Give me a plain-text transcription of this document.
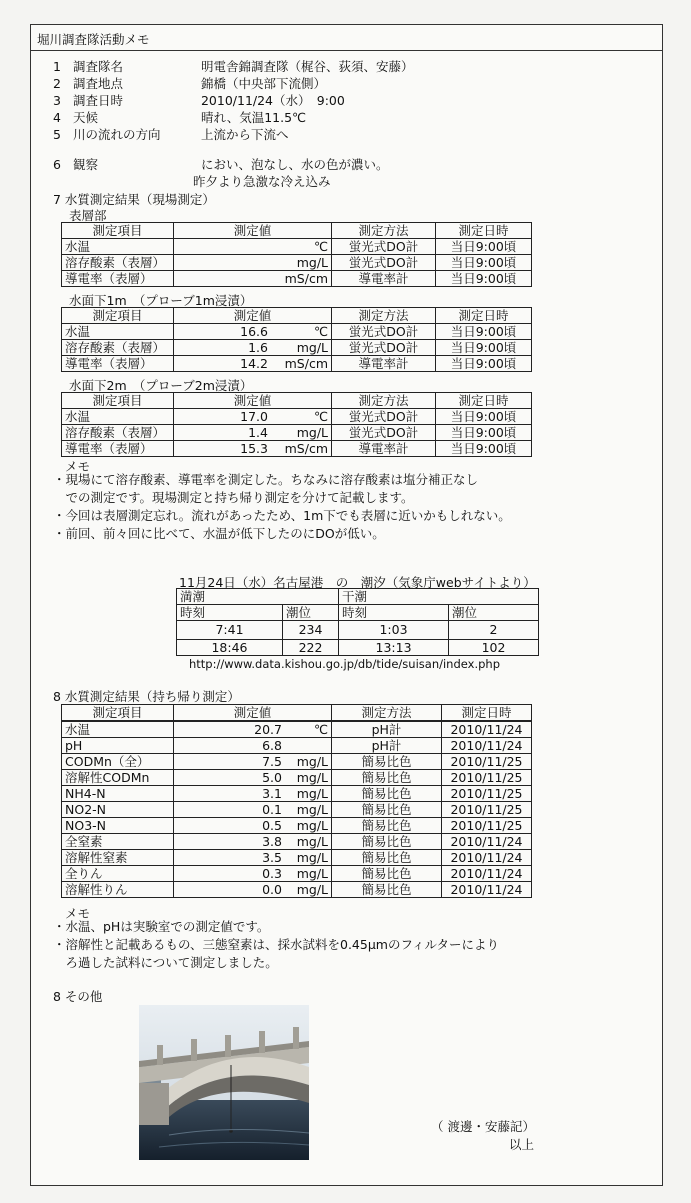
堀川調査隊活動メモ
1 調査隊名	明電舎錦調査隊（梶谷、荻須、安藤）
2 調査地点	錦橋（中央部下流側）
3 調査日時	2010/11/24（水）　9:00
4 天候	晴れ、気温11.5℃
5 川の流れの方向	上流から下流へ
6 観察	におい、泡なし、水の色が濃い。
昨夕より急激な冷え込み
7 水質測定結果（現場測定）
表層部
測定項目	測定値	測定方法	測定日時
水温	℃	蛍光式DO計	当日9:00頃
溶存酸素（表層）	mg/L	蛍光式DO計	当日9:00頃
導電率（表層）	mS/cm	導電率計	当日9:00頃
水面下1m　（プローブ1m浸漬）
測定項目	測定値	測定方法	測定日時
水温	16.6 ℃	蛍光式DO計	当日9:00頃
溶存酸素（表層）	1.6 mg/L	蛍光式DO計	当日9:00頃
導電率（表層）	14.2 mS/cm	導電率計	当日9:00頃
水面下2m　（プローブ2m浸漬）
測定項目	測定値	測定方法	測定日時
水温	17.0 ℃	蛍光式DO計	当日9:00頃
溶存酸素（表層）	1.4 mg/L	蛍光式DO計	当日9:00頃
導電率（表層）	15.3 mS/cm	導電率計	当日9:00頃
メモ
・現場にて溶存酸素、導電率を測定した。ちなみに溶存酸素は塩分補正なし
　での測定です。現場測定と持ち帰り測定を分けて記載します。
・今回は表層測定忘れ。流れがあったため、1m下でも表層に近いかもしれない。
・前回、前々回に比べて、水温が低下したのにDOが低い。
11月24日（水）名古屋港　の　潮汐（気象庁webサイトより）
満潮		干潮	
時刻	潮位	時刻	潮位
7:41	234	1:03	2
18:46	222	13:13	102
http://www.data.kishou.go.jp/db/tide/suisan/index.php
8 水質測定結果（持ち帰り測定）
測定項目	測定値	測定方法	測定日時
水温	20.7 ℃	pH計	2010/11/24
pH	6.8	pH計	2010/11/24
CODMn（全）	7.5 mg/L	簡易比色	2010/11/25
溶解性CODMn	5.0 mg/L	簡易比色	2010/11/25
NH4-N	3.1 mg/L	簡易比色	2010/11/25
NO2-N	0.1 mg/L	簡易比色	2010/11/25
NO3-N	0.5 mg/L	簡易比色	2010/11/25
全窒素	3.8 mg/L	簡易比色	2010/11/24
溶解性窒素	3.5 mg/L	簡易比色	2010/11/24
全りん	0.3 mg/L	簡易比色	2010/11/24
溶解性りん	0.0 mg/L	簡易比色	2010/11/24
メモ
・水温、pHは実験室での測定値です。
・溶解性と記載あるもの、三態窒素は、採水試料を0.45μmのフィルターにより
　ろ過した試料について測定しました。
8 その他
（ 渡邊・安藤記）
以上
